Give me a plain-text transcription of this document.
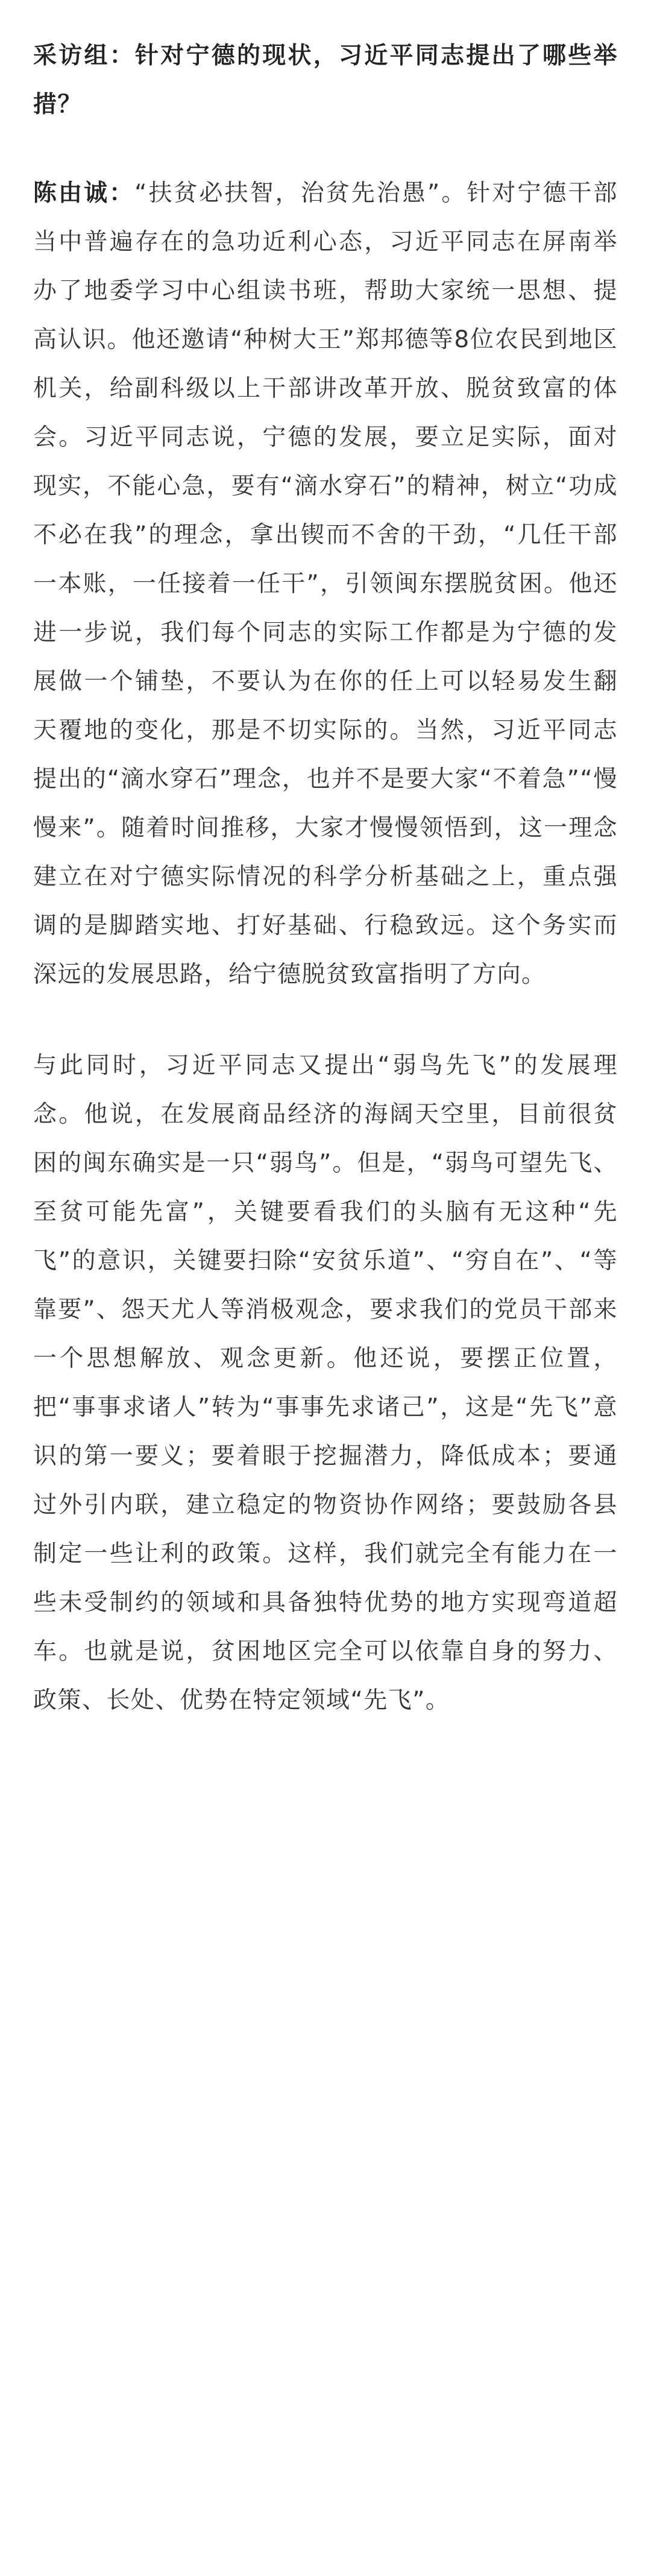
采访组：针对宁德的现状，习近平同志提出了哪些举措？

陈由诚：“扶贫必扶智，治贫先治愚”。针对宁德干部当中普遍存在的急功近利心态，习近平同志在屏南举办了地委学习中心组读书班，帮助大家统一思想、提高认识。他还邀请“种树大王”郑邦德等8位农民到地区机关，给副科级以上干部讲改革开放、脱贫致富的体会。习近平同志说，宁德的发展，要立足实际，面对现实，不能心急，要有“滴水穿石”的精神，树立“功成不必在我”的理念，拿出锲而不舍的干劲，“几任干部一本账，一任接着一任干”，引领闽东摆脱贫困。他还进一步说，我们每个同志的实际工作都是为宁德的发展做一个铺垫，不要认为在你的任上可以轻易发生翻天覆地的变化，那是不切实际的。当然，习近平同志提出的“滴水穿石”理念，也并不是要大家“不着急”“慢慢来”。随着时间推移，大家才慢慢领悟到，这一理念建立在对宁德实际情况的科学分析基础之上，重点强调的是脚踏实地、打好基础、行稳致远。这个务实而深远的发展思路，给宁德脱贫致富指明了方向。

与此同时，习近平同志又提出“弱鸟先飞”的发展理念。他说，在发展商品经济的海阔天空里，目前很贫困的闽东确实是一只“弱鸟”。但是，“弱鸟可望先飞、至贫可能先富”，关键要看我们的头脑有无这种“先飞”的意识，关键要扫除“安贫乐道”、“穷自在”、“等靠要”、怨天尤人等消极观念，要求我们的党员干部来一个思想解放、观念更新。他还说，要摆正位置，把“事事求诸人”转为“事事先求诸己”，这是“先飞”意识的第一要义；要着眼于挖掘潜力，降低成本；要通过外引内联，建立稳定的物资协作网络；要鼓励各县制定一些让利的政策。这样，我们就完全有能力在一些未受制约的领域和具备独特优势的地方实现弯道超车。也就是说，贫困地区完全可以依靠自身的努力、政策、长处、优势在特定领域“先飞”。
